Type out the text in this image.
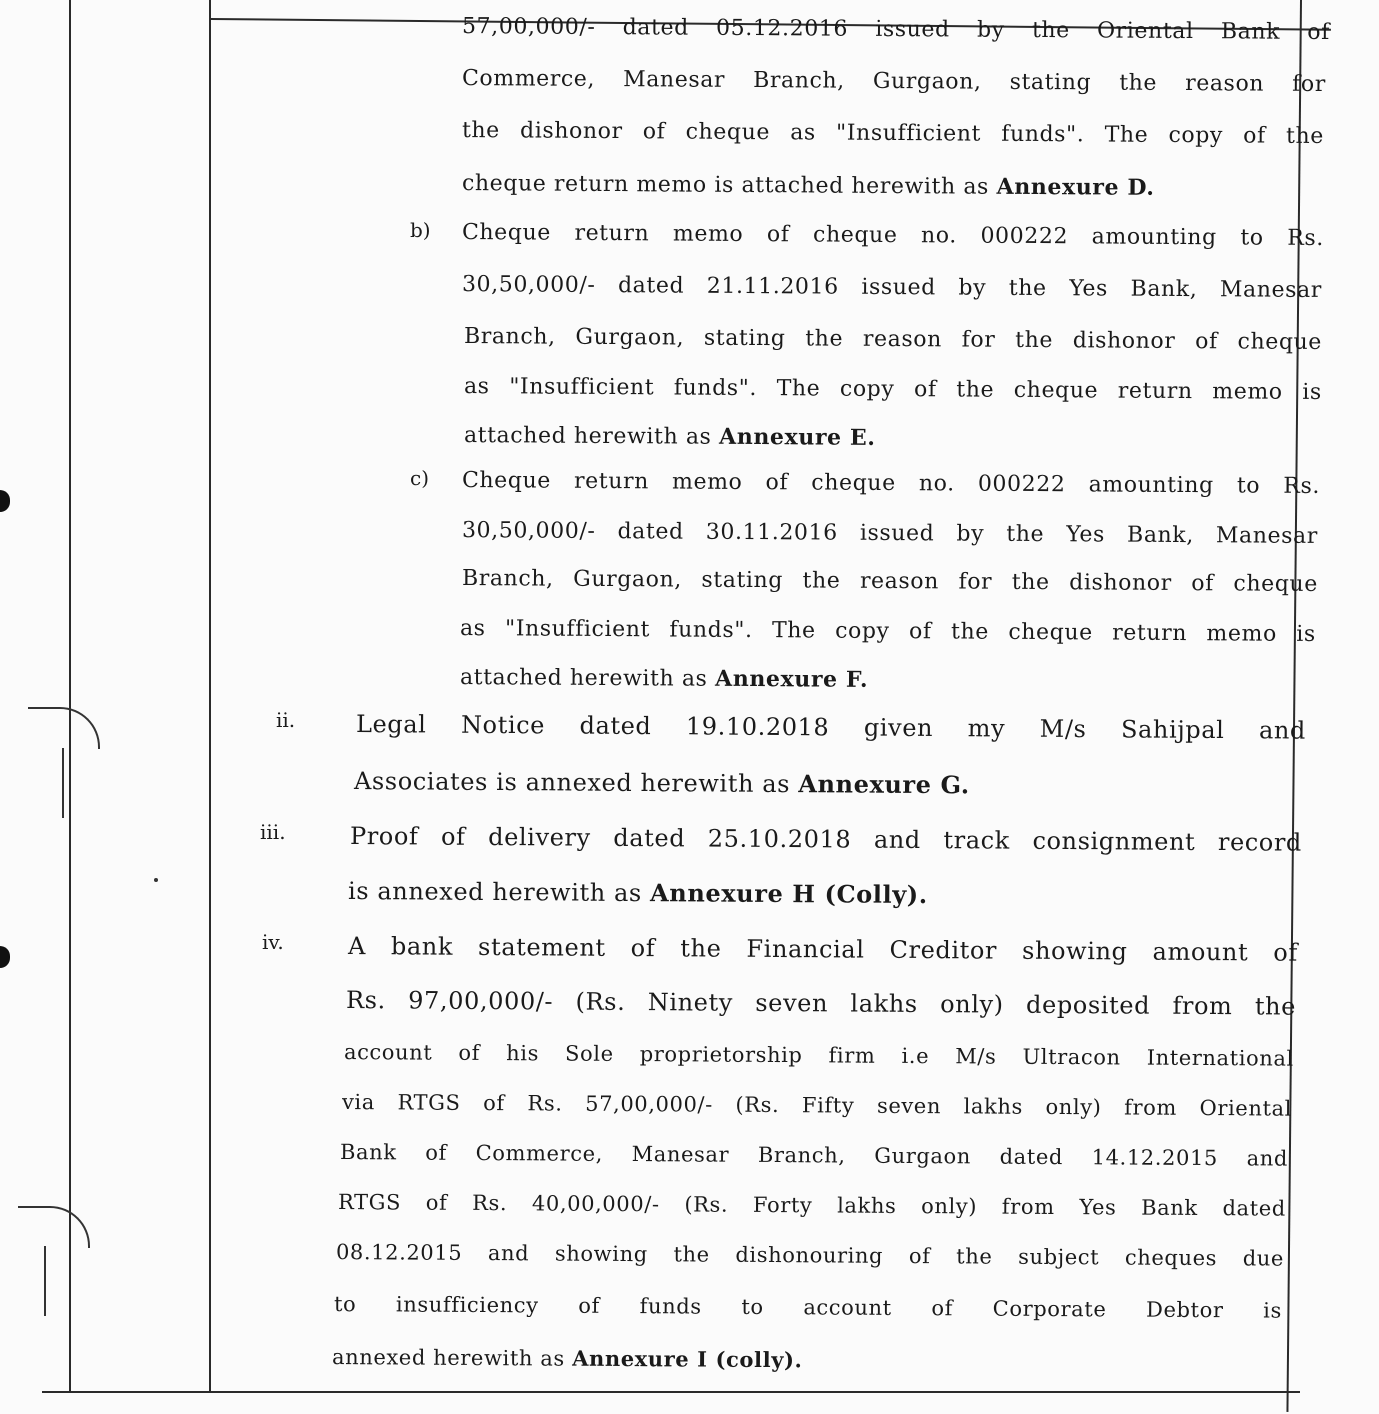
57,00,000/- dated 05.12.2016 issued by the Oriental Bank of
Commerce, Manesar Branch, Gurgaon, stating the reason for
the dishonor of cheque as "Insufficient funds". The copy of the
cheque return memo is attached herewith as Annexure D.
b) Cheque return memo of cheque no. 000222 amounting to Rs.
30,50,000/- dated 21.11.2016 issued by the Yes Bank, Manesar
Branch, Gurgaon, stating the reason for the dishonor of cheque
as "Insufficient funds". The copy of the cheque return memo is
attached herewith as Annexure E.
c) Cheque return memo of cheque no. 000222 amounting to Rs.
30,50,000/- dated 30.11.2016 issued by the Yes Bank, Manesar
Branch, Gurgaon, stating the reason for the dishonor of cheque
as "Insufficient funds". The copy of the cheque return memo is
attached herewith as Annexure F.
ii.	Legal Notice dated 19.10.2018 given my M/s Sahijpal and
Associates is annexed herewith as Annexure G.
iii.	Proof of delivery dated 25.10.2018 and track consignment record
is annexed herewith as Annexure H (Colly).
iv.	A bank statement of the Financial Creditor showing amount of
Rs. 97,00,000/- (Rs. Ninety seven lakhs only) deposited from the
account of his Sole proprietorship firm i.e M/s Ultracon International
via RTGS of Rs. 57,00,000/- (Rs. Fifty seven lakhs only) from Oriental
Bank of Commerce, Manesar Branch, Gurgaon dated 14.12.2015 and
RTGS of Rs. 40,00,000/- (Rs. Forty lakhs only) from Yes Bank dated
08.12.2015 and showing the dishonouring of the subject cheques due
to insufficiency of funds to account of Corporate Debtor is
annexed herewith as Annexure I (colly).
